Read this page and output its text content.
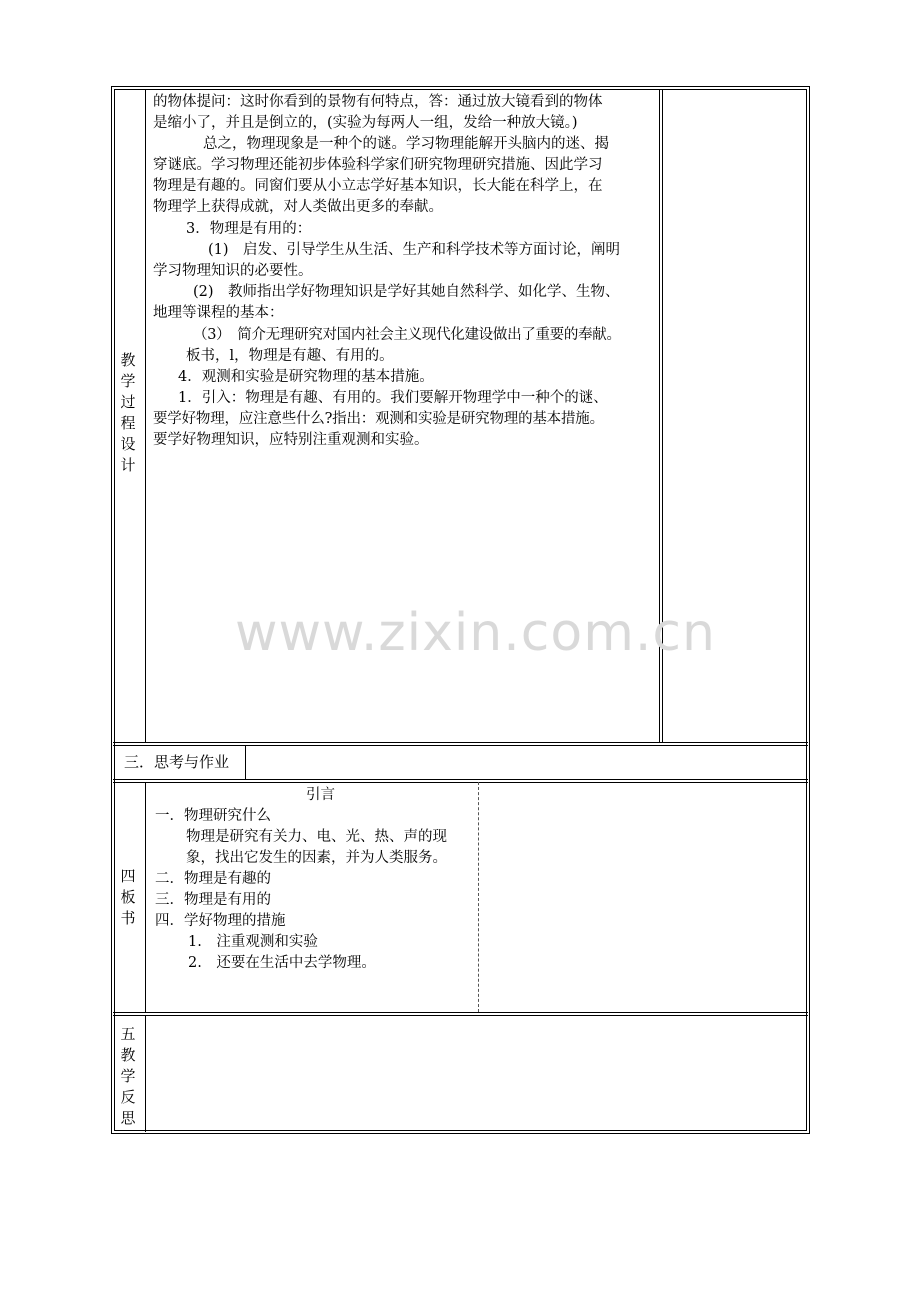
教
学
过
程
设
计
的物体提问：这时你看到的景物有何特点，答：通过放大镜看到的物体
是缩小了，并且是倒立的，(实验为每两人一组，发给一种放大镜。)
总之，物理现象是一种个的谜。学习物理能解开头脑内的迷、揭
穿谜底。学习物理还能初步体验科学家们研究物理研究措施、因此学习
物理是有趣的。同窗们要从小立志学好基本知识，长大能在科学上，在
物理学上获得成就，对人类做出更多的奉献。
3．物理是有用的：
(1)　启发、引导学生从生活、生产和科学技术等方面讨论，阐明
学习物理知识的必要性。
(2)　教师指出学好物理知识是学好其她自然科学、如化学、生物、
地理等课程的基本：
（3）　简介无理研究对国内社会主义现代化建设做出了重要的奉献。
板书，l，物理是有趣、有用的。
4．观测和实验是研究物理的基本措施。
1．引入：物理是有趣、有用的。我们要解开物理学中一种个的谜、
要学好物理，应注意些什么?指出：观测和实验是研究物理的基本措施。
要学好物理知识，应特别注重观测和实验。
三．思考与作业
四
板
书
引言
一．物理研究什么
物理是研究有关力、电、光、热、声的现
象，找出它发生的因素，并为人类服务。
二．物理是有趣的
三．物理是有用的
四．学好物理的措施
1.　注重观测和实验
2.　还要在生活中去学物理。
五
教
学
反
思
www.zixin.com.cn
